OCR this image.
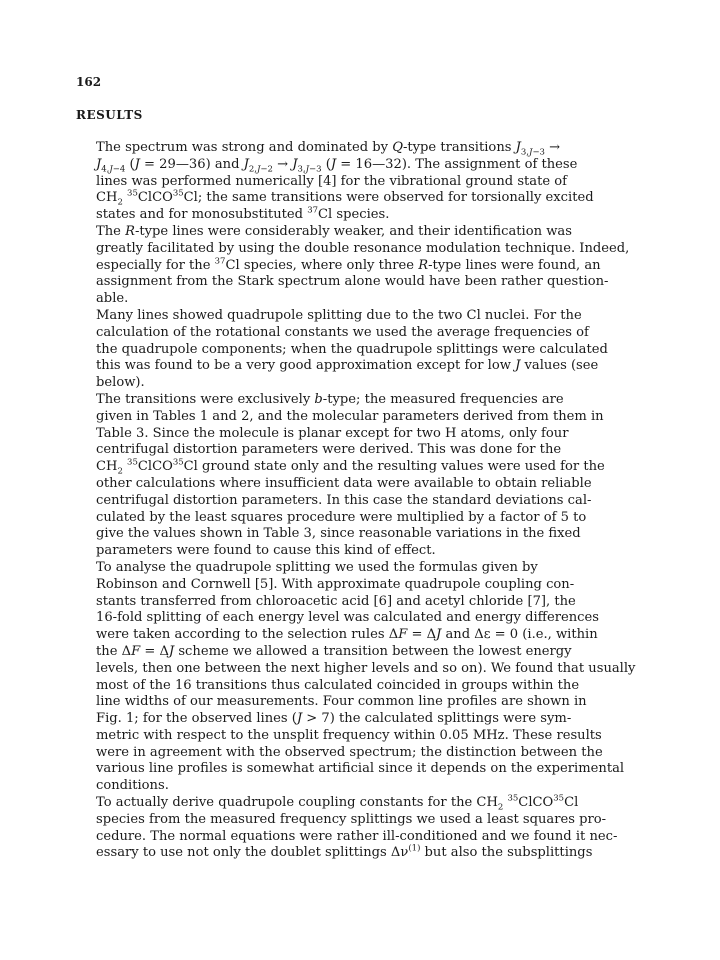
162
RESULTS

The spectrum was strong and dominated by Q-type transitions $J_{3,J-3}$ →
$J_{4,J-4}$ (J = 29—36) and $J_{2,J-2} \to J_{3,J-3}$ (J = 16—32). The assignment of these
lines was performed numerically [4] for the vibrational ground state of
$CH_2$ $^{35}$ClCO$^{35}$Cl; the same transitions were observed for torsionally excited
states and for monosubstituted $^{37}$Cl species.

The R-type lines were considerably weaker, and their identification was
greatly facilitated by using the double resonance modulation technique. Indeed,
especially for the $^{37}$Cl species, where only three R-type lines were found, an
assignment from the Stark spectrum alone would have been rather question-
able.

Many lines showed quadrupole splitting due to the two Cl nuclei. For the
calculation of the rotational constants we used the average frequencies of
the quadrupole components; when the quadrupole splittings were calculated
this was found to be a very good approximation except for low J values (see
below).

The transitions were exclusively b-type; the measured frequencies are
given in Tables 1 and 2, and the molecular parameters derived from them in
Table 3. Since the molecule is planar except for two H atoms, only four
centrifugal distortion parameters were derived. This was done for the
$CH_2$ $^{35}$ClCO$^{35}$Cl ground state only and the resulting values were used for the
other calculations where insufficient data were available to obtain reliable
centrifugal distortion parameters. In this case the standard deviations cal-
culated by the least squares procedure were multiplied by a factor of 5 to
give the values shown in Table 3, since reasonable variations in the fixed
parameters were found to cause this kind of effect.

To analyse the quadrupole splitting we used the formulas given by
Robinson and Cornwell [5]. With approximate quadrupole coupling con-
stants transferred from chloroacetic acid [6] and acetyl chloride [7], the
16-fold splitting of each energy level was calculated and energy differences
were taken according to the selection rules ΔF = ΔJ and Δε = 0 (i.e., within
the ΔF = ΔJ scheme we allowed a transition between the lowest energy
levels, then one between the next higher levels and so on). We found that usually
most of the 16 transitions thus calculated coincided in groups within the
line widths of our measurements. Four common line profiles are shown in
Fig. 1; for the observed lines (J > 7) the calculated splittings were sym-
metric with respect to the unsplit frequency within 0.05 MHz. These results
were in agreement with the observed spectrum; the distinction between the
various line profiles is somewhat artificial since it depends on the experimental
conditions.

To actually derive quadrupole coupling constants for the $CH_2$ $^{35}$ClCO$^{35}$Cl
species from the measured frequency splittings we used a least squares pro-
cedure. The normal equations were rather ill-conditioned and we found it nec-
essary to use not only the doublet splittings $\Delta\nu^{(1)}$ but also the subsplittings
